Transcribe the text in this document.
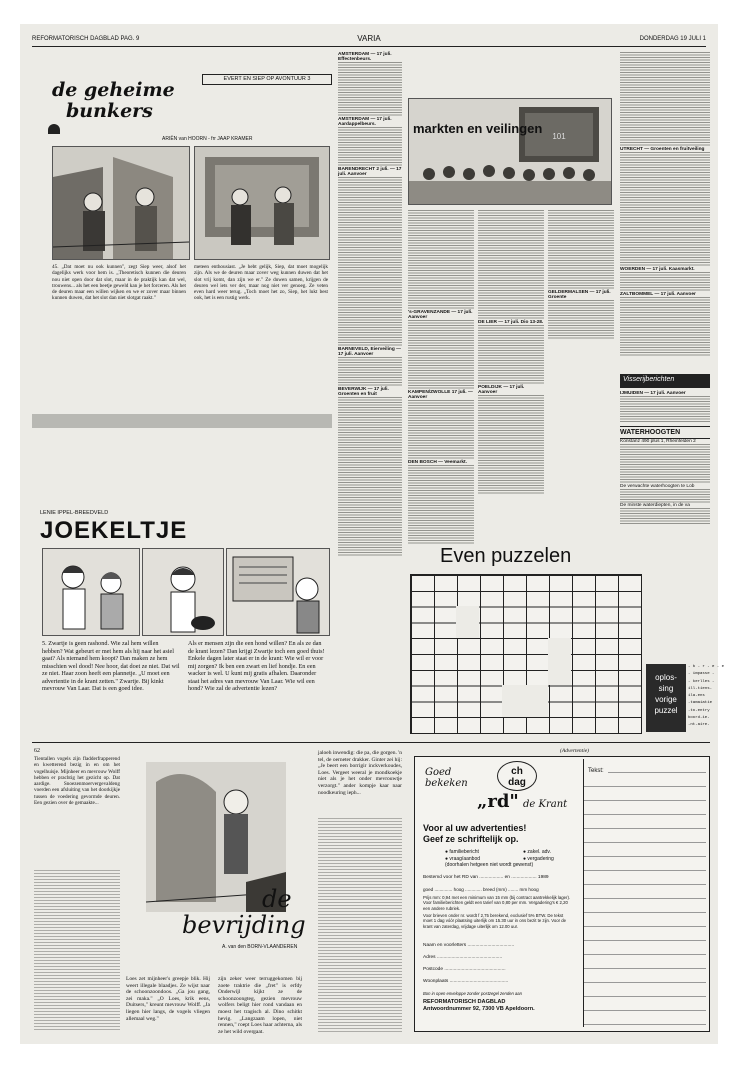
REFORMATORISCH DAGBLAD PAG. 9	VARIA	DONDERDAG 19 JULI 1
EVERT EN SIEP OP AVONTUUR 3
de geheime
bunkers
ARIËN van HOORN - frr JAAP KRAMER
45. „Dat moet nu ook kunnen", zegt Siep weer, alsof het dagelijks werk voor hem is. „Theoretisch kunnen die deuren nou niet open door dat slot, maar in de praktijk kan dat wel, trouwens... als het een beetje geweld kan je het forceren. Als het de deuren maar een willen wijken en we er zover maar binnen kunnen duwen, dat het slot dan niet slotgat raakt."
meteen enthousiast. „Je hebt gelijk, Siep, dat moet mogelijk zijn. Als we de deuren maar zover weg kunnen duwen dat het slot vrij komt, dan zijn we er." Ze duwen samen, krijgen de deuren wel iets ver der, maar nog niet ver genoeg. Ze veten even hard weer terug. „Toch moet het zo, Siep, het lukt best ook, het is een rustig werk.
LENIE IPPEL-BREEDVELD
JOEKELTJE
5. Zwartje is geen rashond. Wie zal hem willen hebben? Wat gebeurt er met hem als hij naar het asiel gaat? Als niemand hem koopt? Dan maken ze hem misschien wel dood! Nee hoor, dat doet ze niet. Dat wil ze niet. Haar zoon heeft een plannetje. „U moet een advertentie in de krant zetten." Zwartje. Bij kinkt mevrouw Van Laar. Dat is een goed idee.
Als er mensen zijn die een hond willen? En als ze dan de krant lezen? Dan krijgt Zwartje toch een goed thuis! Enkele dagen later staat er in de krant: Wie wil er voor mij zorgen? Ik ben een zwart en lief hondje. En een wacker is wel. U kunt mij gratis afhalen. Daaronder staat het adres van mevrouw Van Laar. Wie wil een hond? Wie zal de advertentie lezen?
AMSTERDAM — 17 juli. Effectenbeurs.
AMSTERDAM — 17 juli. Aardappelbeurs.
BARENDRECHT 2 juli. — 17 juli. Aanvoer
BARNEVELD, Eierveiling — 17 juli. Aanvoer
BEVERWIJK — 17 juli. Groenten en fruit
101
markten en veilingen
's-GRAVENZANDE — 17 juli. Aanvoer
KAMPEN/ZWOLLE 17 juli. — Aanvoer
DEN BOSCH — Veemarkt.
DE LIER — 17 juli. Dio 13-28.
POELDIJK — 17 juli. Aanvoer
GELDERMALSEN — 17 juli. Groente
UTRECHT — Groenten en fruitveiling
WOERDEN — 17 juli. Kaasmarkt.
ZALTBOMMEL — 17 juli. Aanvoer
Visserijberichten
IJMUIDEN — 17 juli. Aanvoer
WATERHOOGTEN
Konstanz 490 plus 1, Rheinfelden 2
De verwachte waterhoogten te Lob
De minste waterdiepten, in de va
Even puzzelen
oplos-
sing
vorige
puzzel
- b - r - e - e
- impasse -
- kerlles -
ill-tiens-
ila-ens
-tamaiatie
-to-entry
boord-ie-
-nt-aire-
62
Tientallen vogels zijn fladderfrapperend en kwetterend bezig in en om het vogelhuisje. Mijnheer en mevrouw Wolff hebben er prachtig het gezicht op. Dat aardige. Snoezenmoervergevaldeng voerden een afsluiting van het doorkijkje tussen de voedering gevormde deuren. Een gezien over de gemaakte...
de
bevrijding
A. van den BORN-VLAANDEREN
Loes zet mijnheer's greepje blik. Hij weert illegale blaadjes. Ze wijst naar de schoonzoondoos. „Ga jou gang, zei maka." „O Loes, krik eens, Duitsers," kreunt mevrouw Wolff. „Ja liegen hier langs, de vogels vliegen allemaal weg."
zijn zeker weer terruggekomen bij zoete traktrie die „fret" is erfdy Onderwijl kijkt ze de schoonzoongteg, gezien mevrouw wolfers beligt hier rond vandaan en moest het tragisch al. Dino schitkt hevig. „Langzaam lopen, niet rennen," roept Loes haar achterna, als ze het wild overgaat.
jaloeh inwendig: die pa, die gorgen. 'n tel, de oerneter drakker. Ginter zei hij: „Je beert een borrigir inckverkoudes, Loes. Vergeet weeral je mondkoekje niet als je het onder mevrouwtje verzorgt." ander kompje kaar naar noodkeuring ieph...
(Advertentie)
Goed
bekeken
ch
dag
„rd" de Krant
Voor al uw advertenties!
Geef ze schriftelijk op.
● familiebericht	● zakel. adv.

● vraag/aanbod	● vergadering

(doorhalen hetgeen niet wordt gewenst)
Bestemd voor het RD van .................. en ................... 1989
goed .............. hoog ............. breed (mm) ........ mm hoog
Prijs mm: 0,94 met een minimum van 15 mm (bij contract aantrekkelijk lager). Voor familieberichten geldt een tarief van 0,80 per mm. Vergadering's € 2,20 een andere rubriek.
Voor brieven onder nr. wordt f 2,75 berekend, exclusief 5% BTW. De tekst moet 1 dag vóór plaatsing uiterlijk om 15.30 uur in ons bezit te zijn. Voor de krant van zaterdag, vrijdage uiterlijk om 12.00 uur.
Naam en voorletters ...................................
Adres .................................................
Postcode ..............................................
Woonplaats ............................................
Bon in open enveloppe zonder postzegel zenden aan
REFORMATORISCH DAGBLAD
Antwoordnummer 92, 7300 VB Apeldoorn.
Tekst:
